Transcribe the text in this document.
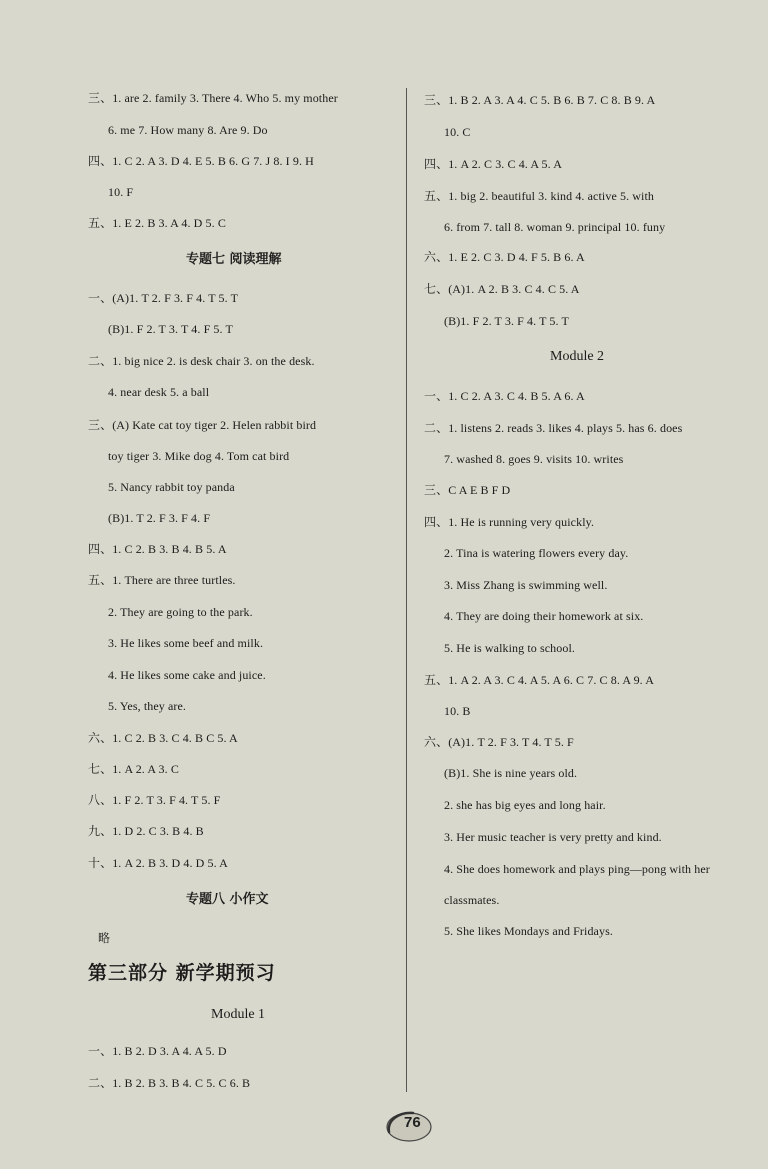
三、1. are 2. family 3. There 4. Who 5. my mother
6. me 7. How many 8. Are 9. Do
四、1. C 2. A 3. D 4. E 5. B 6. G 7. J 8. I 9. H
10. F
五、1. E 2. B 3. A 4. D 5. C
专题七 阅读理解
一、(A)1. T 2. F 3. F 4. T 5. T
(B)1. F 2. T 3. T 4. F 5. T
二、1. big nice 2. is desk chair 3. on the desk.
4. near desk 5. a ball
三、(A) Kate cat toy tiger 2. Helen rabbit bird
toy tiger 3. Mike dog 4. Tom cat bird
5. Nancy rabbit toy panda
(B)1. T 2. F 3. F 4. F
四、1. C 2. B 3. B 4. B 5. A
五、1. There are three turtles.
2. They are going to the park.
3. He likes some beef and milk.
4. He likes some cake and juice.
5. Yes, they are.
六、1. C 2. B 3. C 4. B C 5. A
七、1. A 2. A 3. C
八、1. F 2. T 3. F 4. T 5. F
九、1. D 2. C 3. B 4. B
十、1. A 2. B 3. D 4. D 5. A
专题八 小作文
略
第三部分 新学期预习
Module 1
一、1. B 2. D 3. A 4. A 5. D
二、1. B 2. B 3. B 4. C 5. C 6. B
三、1. B 2. A 3. A 4. C 5. B 6. B 7. C 8. B 9. A
10. C
四、1. A 2. C 3. C 4. A 5. A
五、1. big 2. beautiful 3. kind 4. active 5. with
6. from 7. tall 8. woman 9. principal 10. funy
六、1. E 2. C 3. D 4. F 5. B 6. A
七、(A)1. A 2. B 3. C 4. C 5. A
(B)1. F 2. T 3. F 4. T 5. T
Module 2
一、1. C 2. A 3. C 4. B 5. A 6. A
二、1. listens 2. reads 3. likes 4. plays 5. has 6. does
7. washed 8. goes 9. visits 10. writes
三、C A E B F D
四、1. He is running very quickly.
2. Tina is watering flowers every day.
3. Miss Zhang is swimming well.
4. They are doing their homework at six.
5. He is walking to school.
五、1. A 2. A 3. C 4. A 5. A 6. C 7. C 8. A 9. A
10. B
六、(A)1. T 2. F 3. T 4. T 5. F
(B)1. She is nine years old.
2. she has big eyes and long hair.
3. Her music teacher is very pretty and kind.
4. She does homework and plays ping—pong with her
classmates.
5. She likes Mondays and Fridays.
76
